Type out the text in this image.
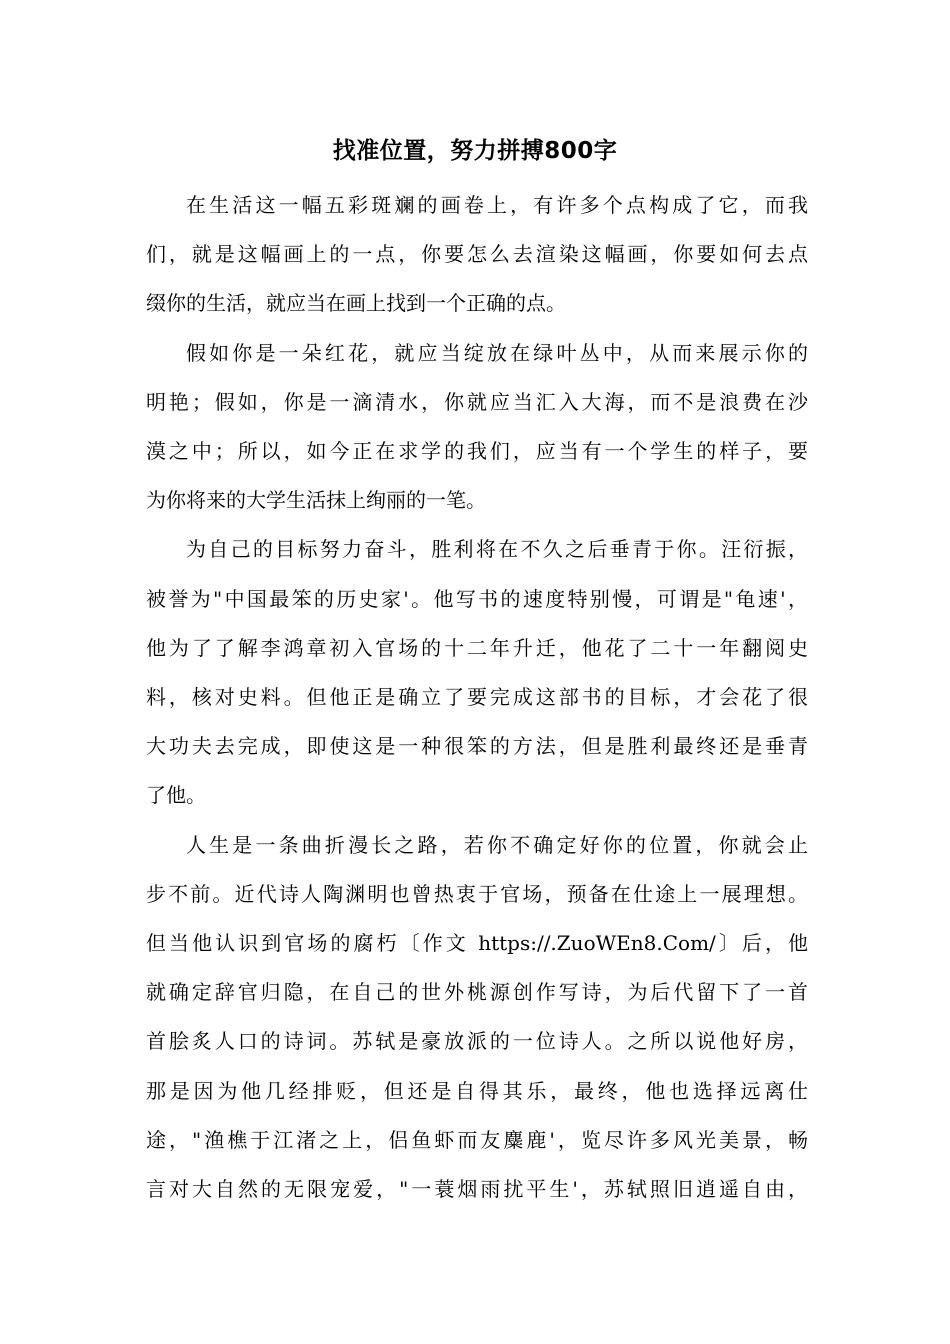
找准位置，努力拼搏800字
在生活这一幅五彩斑斓的画卷上，有许多个点构成了它，而我
们，就是这幅画上的一点，你要怎么去渲染这幅画，你要如何去点
缀你的生活，就应当在画上找到一个正确的点。
假如你是一朵红花，就应当绽放在绿叶丛中，从而来展示你的
明艳；假如，你是一滴清水，你就应当汇入大海，而不是浪费在沙
漠之中；所以，如今正在求学的我们，应当有一个学生的样子，要
为你将来的大学生活抹上绚丽的一笔。
为自己的目标努力奋斗，胜利将在不久之后垂青于你。汪衍振，
被誉为"中国最笨的历史家'。他写书的速度特别慢，可谓是"龟速'，
他为了了解李鸿章初入官场的十二年升迁，他花了二十一年翻阅史
料，核对史料。但他正是确立了要完成这部书的目标，才会花了很
大功夫去完成，即使这是一种很笨的方法，但是胜利最终还是垂青
了他。
人生是一条曲折漫长之路，若你不确定好你的位置，你就会止
步不前。近代诗人陶渊明也曾热衷于官场，预备在仕途上一展理想。
但当他认识到官场的腐朽〔作文 https://.ZuoWEn8.Com/〕后，他
就确定辞官归隐，在自己的世外桃源创作写诗，为后代留下了一首
首脍炙人口的诗词。苏轼是豪放派的一位诗人。之所以说他好房，
那是因为他几经排贬，但还是自得其乐，最终，他也选择远离仕
途，"渔樵于江渚之上，侣鱼虾而友麋鹿'，览尽许多风光美景，畅
言对大自然的无限宠爱，"一蓑烟雨扰平生'，苏轼照旧逍遥自由，
